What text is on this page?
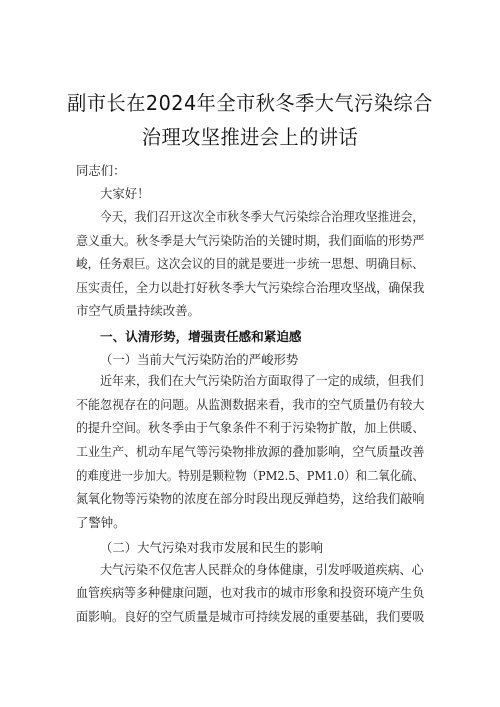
副市长在2024年全市秋冬季大气污染综合
治理攻坚推进会上的讲话
同志们：
大家好！
今天，我们召开这次全市秋冬季大气污染综合治理攻坚推进会，
意义重大。秋冬季是大气污染防治的关键时期，我们面临的形势严
峻，任务艰巨。这次会议的目的就是要进一步统一思想、明确目标、
压实责任，全力以赴打好秋冬季大气污染综合治理攻坚战，确保我
市空气质量持续改善。
一、认清形势，增强责任感和紧迫感
（一）当前大气污染防治的严峻形势
近年来，我们在大气污染防治方面取得了一定的成绩，但我们
不能忽视存在的问题。从监测数据来看，我市的空气质量仍有较大
的提升空间。秋冬季由于气象条件不利于污染物扩散，加上供暖、
工业生产、机动车尾气等污染物排放源的叠加影响，空气质量改善
的难度进一步加大。特别是颗粒物（PM2.5、PM1.0）和二氧化硫、
氮氧化物等污染物的浓度在部分时段出现反弹趋势，这给我们敲响
了警钟。
（二）大气污染对我市发展和民生的影响
大气污染不仅危害人民群众的身体健康，引发呼吸道疾病、心
血管疾病等多种健康问题，也对我市的城市形象和投资环境产生负
面影响。良好的空气质量是城市可持续发展的重要基础，我们要吸
